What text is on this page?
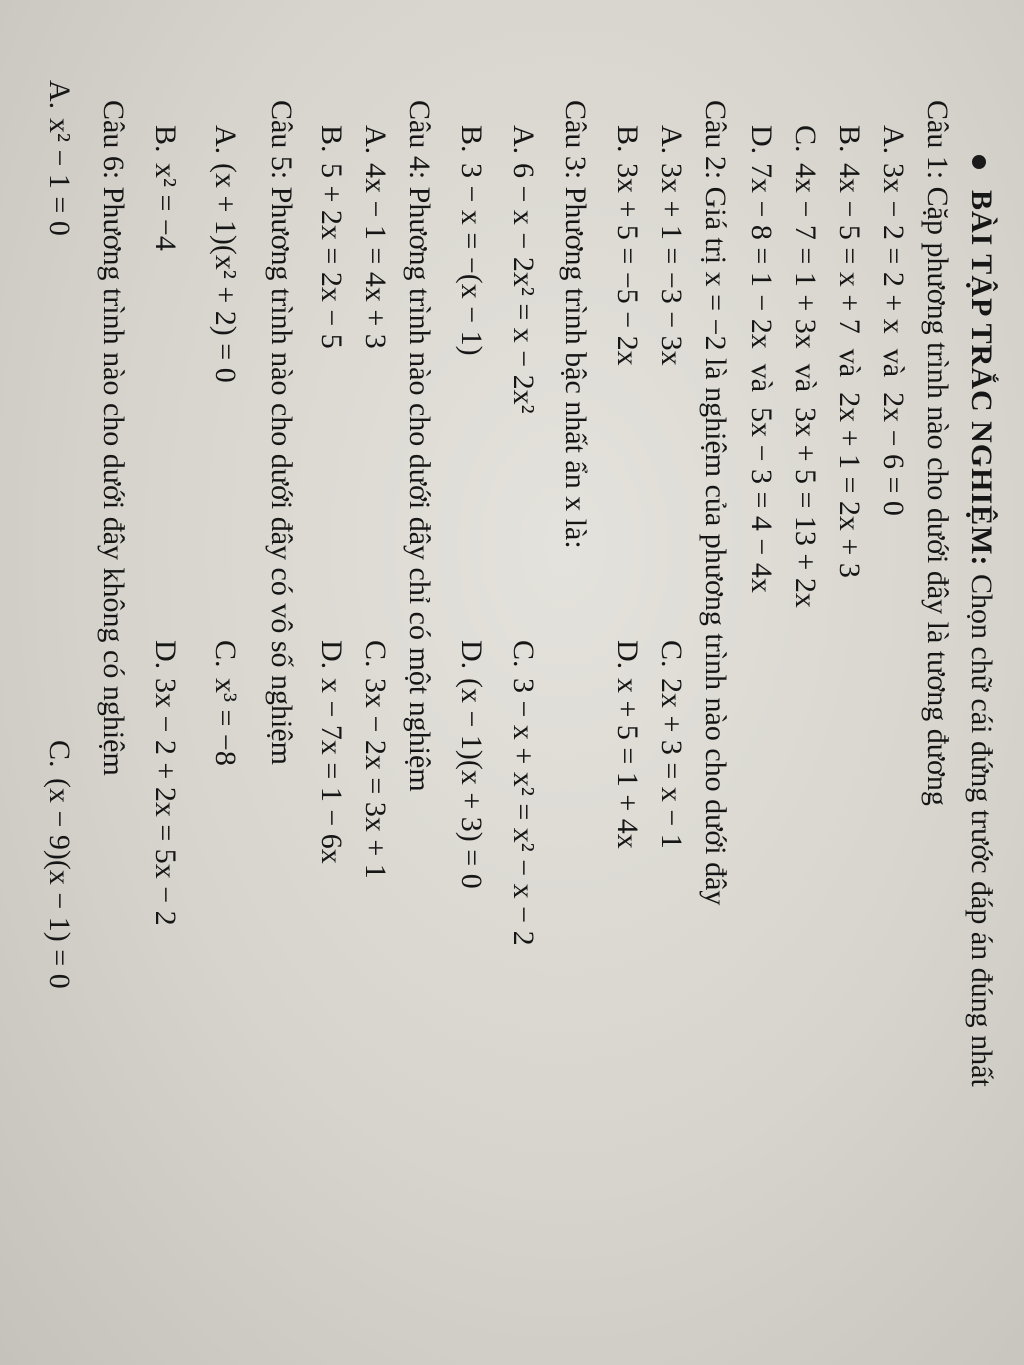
BÀI TẬP TRẮC NGHIỆM: Chọn chữ cái đứng trước đáp án đúng nhất
Câu 1: Cặp phương trình nào cho dưới đây là tương đương
A.3x − 2 = 2 + x  và  2x − 6 = 0
B.4x − 5 = x + 7  và  2x + 1 = 2x + 3
C.4x − 7 = 1 + 3x  và  3x + 5 = 13 + 2x
D.7x − 8 = 1 − 2x  và  5x − 3 = 4 − 4x
Câu 2: Giá trị x = −2 là nghiệm của phương trình nào cho dưới đây
A.3x + 1 = −3 − 3x
C.2x + 3 = x − 1
B.3x + 5 = −5 − 2x
D.x + 5 = 1 + 4x
Câu 3: Phương trình bậc nhất ẩn x là:
A.6 − x − 2x² = x − 2x²
C.3 − x + x² = x² − x − 2
B.3 − x = −(x − 1)
D.(x − 1)(x + 3) = 0
Câu 4: Phương trình nào cho dưới đây chỉ có một nghiệm
A.4x − 1 = 4x + 3
C.3x − 2x = 3x + 1
B.5 + 2x = 2x − 5
D.x − 7x = 1 − 6x
Câu 5: Phương trình nào cho dưới đây có vô số nghiệm
A.(x + 1)(x² + 2) = 0
C.x³ = −8
B.x² = −4
D.3x − 2 + 2x = 5x − 2
Câu 6: Phương trình nào cho dưới đây không có nghiệm
A.x² − 1 = 0
C.(x − 9)(x − 1) = 0
